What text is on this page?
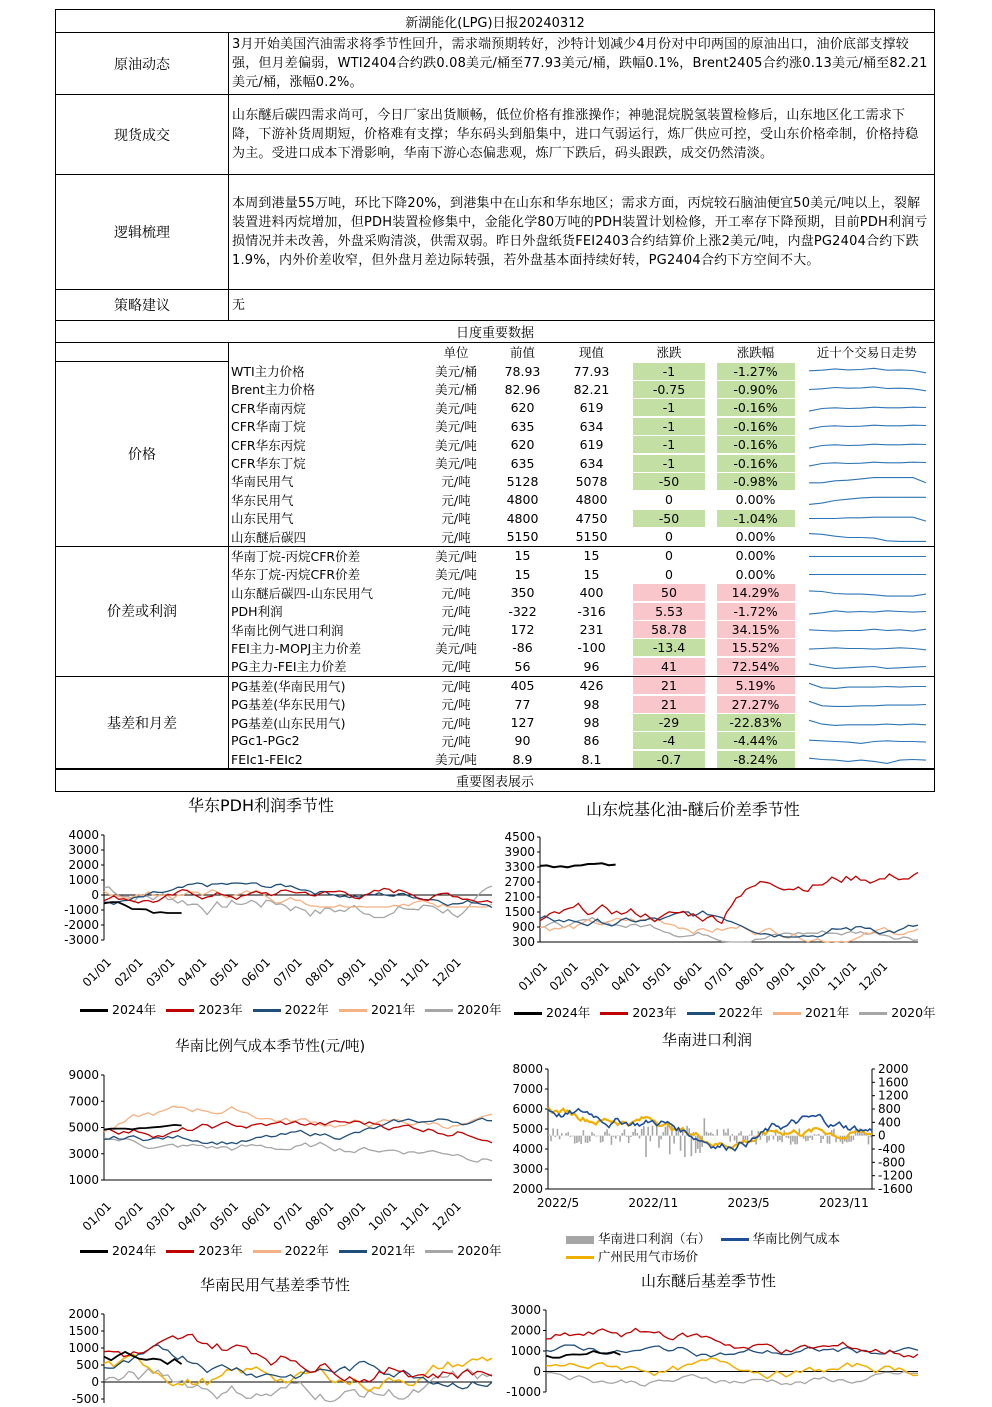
新湖能化(LPG)日报20240312	
原油动态	3月开始美国汽油需求将季节性回升，需求端预期转好，沙特计划减少4月份对中印两国的原油出口，油价底部支撑较强，但月差偏弱，WTI2404合约跌0.08美元/桶至77.93美元/桶，跌幅0.1%，Brent2405合约涨0.13美元/桶至82.21美元/桶，涨幅0.2%。
现货成交	山东醚后碳四需求尚可，今日厂家出货顺畅，低位价格有推涨操作；神驰混烷脱氢装置检修后，山东地区化工需求下降，下游补货周期短，价格难有支撑；华东码头到船集中，进口气弱运行，炼厂供应可控，受山东价格牵制，价格持稳为主。受进口成本下滑影响，华南下游心态偏悲观，炼厂下跌后，码头跟跌，成交仍然清淡。
逻辑梳理	本周到港量55万吨，环比下降20%，到港集中在山东和华东地区；需求方面，丙烷较石脑油便宜50美元/吨以上，裂解装置进料丙烷增加，但PDH装置检修集中，金能化学80万吨的PDH装置计划检修，开工率存下降预期，目前PDH利润亏损情况并未改善，外盘采购清淡，供需双弱。昨日外盘纸货FEI2403合约结算价上涨2美元/吨，内盘PG2404合约下跌1.9%，内外价差收窄，但外盘月差边际转强，若外盘基本面持续好转，PG2404合约下方空间不大。
策略建议	无
日度重要数据	
		单位	前值	现值	涨跌	涨跌幅	近十个交易日走势
价格	WTI主力价格	美元/桶	78.93	77.93	-1	-1.27%

	Brent主力价格	美元/桶	82.96	82.21	-0.75	-0.90%

	CFR华南丙烷	美元/吨	620	619	-1	-0.16%

	CFR华南丁烷	美元/吨	635	634	-1	-0.16%

	CFR华东丙烷	美元/吨	620	619	-1	-0.16%

	CFR华东丁烷	美元/吨	635	634	-1	-0.16%

	华南民用气	元/吨	5128	5078	-50	-0.98%

	华东民用气	元/吨	4800	4800	0	0.00%

	山东民用气	元/吨	4800	4750	-50	-1.04%

	山东醚后碳四	元/吨	5150	5150	0	0.00%

价差或利润	华南丁烷-丙烷CFR价差	美元/吨	15	15	0	0.00%

	华东丁烷-丙烷CFR价差	美元/吨	15	15	0	0.00%

	山东醚后碳四-山东民用气	元/吨	350	400	50	14.29%

	PDH利润	元/吨	-322	-316	5.53	-1.72%

	华南比例气进口利润	元/吨	172	231	58.78	34.15%

	FEI主力-MOPJ主力价差	美元/吨	-86	-100	-13.4	15.52%

	PG主力-FEI主力价差	元/吨	56	96	41	72.54%

基差和月差	PG基差(华南民用气)	元/吨	405	426	21	5.19%

	PG基差(华东民用气)	元/吨	77	98	21	27.27%

	PG基差(山东民用气)	元/吨	127	98	-29	-22.83%

	PGc1-PGc2	元/吨	90	86	-4	-4.44%

	FEIc1-FEIc2	美元/吨	8.9	8.1	-0.7	-8.24%

重要图表展示
华东PDH利润季节性
4000
3000
2000
1000
0
-1000
-2000
-3000
01/01
02/01
03/01
04/01
05/01
06/01
07/01
08/01
09/01
10/01
11/01
12/01
2024年	2023年	2022年	2021年	2020年
山东烷基化油-醚后价差季节性
4500
3900
3300
2700
2100
1500
900
300
01/01
02/01
03/01
04/01
05/01
06/01
07/01
08/01
09/01
10/01
11/01
12/01
2024年	2023年	2022年	2021年	2020年
华南比例气成本季节性(元/吨)
9000
7000
5000
3000
1000
01/01
02/01
03/01
04/01
05/01
06/01
07/01
08/01
09/01
10/01
11/01
12/01
2024年	2023年	2022年	2021年	2020年
华南进口利润
8000
7000
6000
5000
4000
3000
2000
2000
1600
1200
800
400
0
-400
-800
-1200
-1600
2022/5	2022/11	2023/5	2023/11
华南进口利润（右）	华南比例气成本
广州民用气市场价
华南民用气基差季节性
2000
1500
1000
500
0
-500
山东醚后基差季节性
3000
2000
1000
0
-1000
